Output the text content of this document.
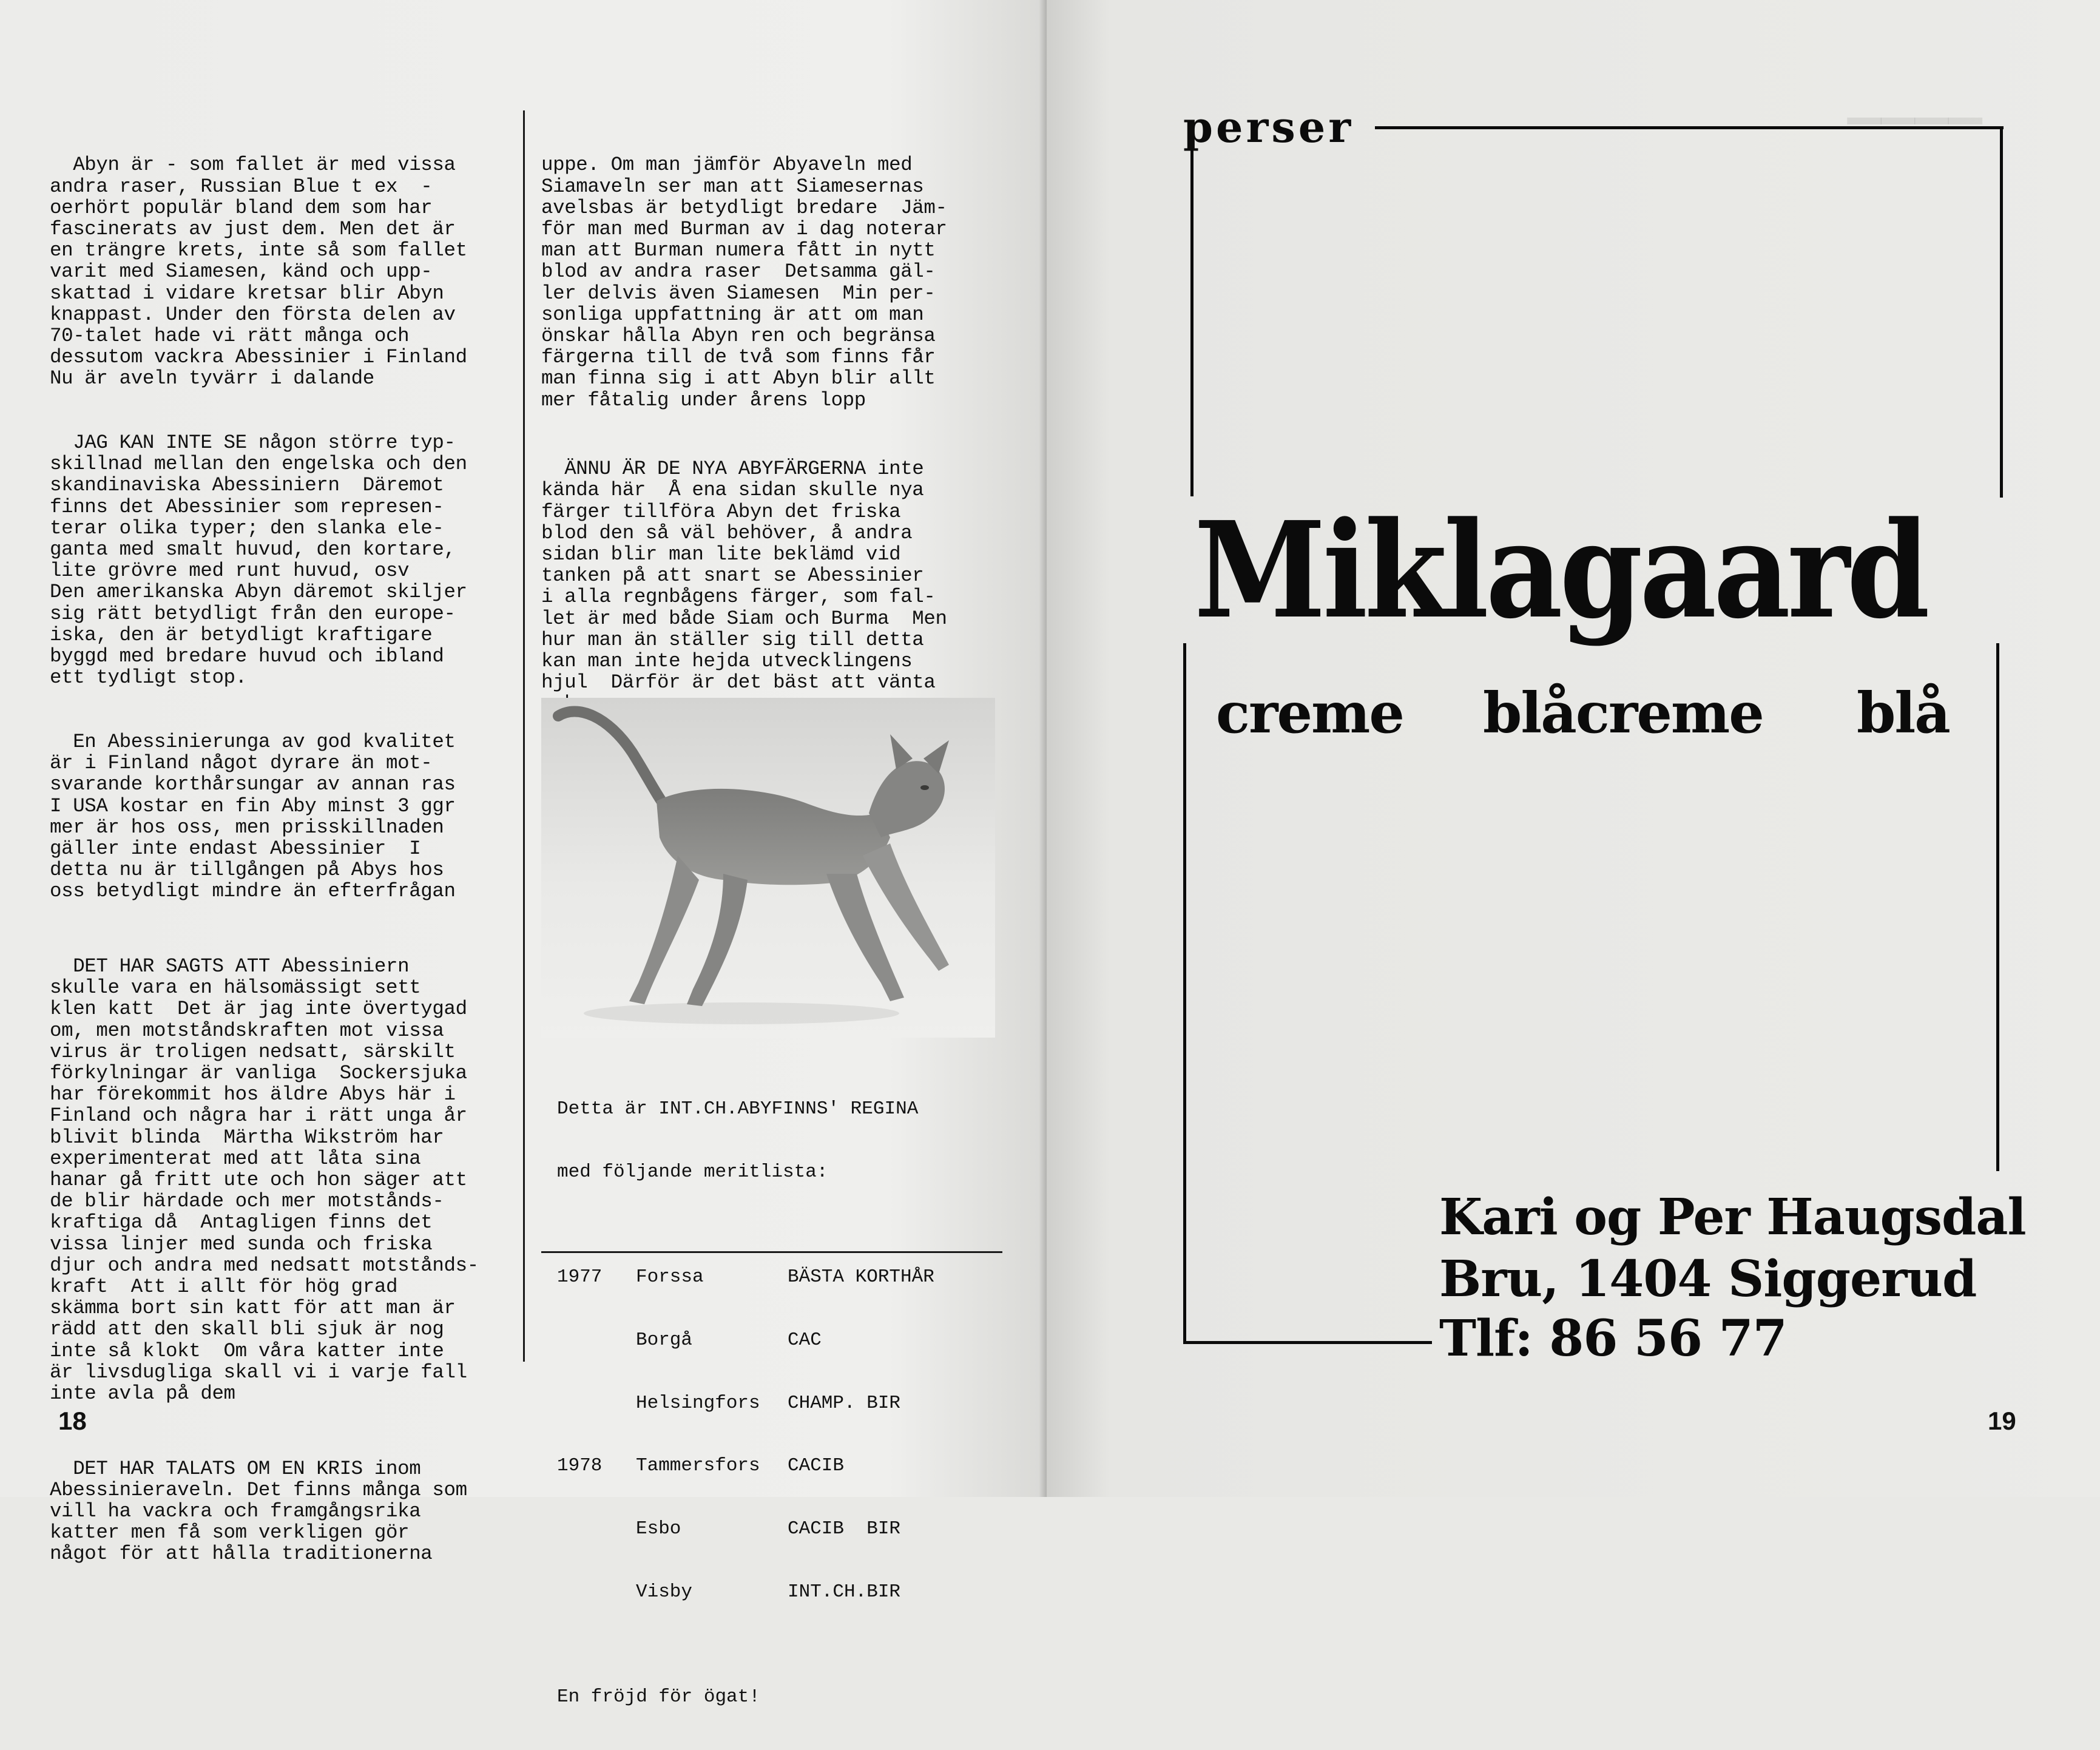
Abyn är - som fallet är med vissa
andra raser, Russian Blue t ex  -
oerhört populär bland dem som har
fascinerats av just dem. Men det är
en trängre krets, inte så som fallet
varit med Siamesen, känd och upp-
skattad i vidare kretsar blir Abyn
knappast. Under den första delen av
70-talet hade vi rätt många och
dessutom vackra Abessinier i Finland
Nu är aveln tyvärr i dalande

JAG KAN INTE SE någon större typ-
skillnad mellan den engelska och den
skandinaviska Abessiniern  Däremot
finns det Abessinier som represen-
terar olika typer; den slanka ele-
ganta med smalt huvud, den kortare,
lite grövre med runt huvud, osv
Den amerikanska Abyn däremot skiljer
sig rätt betydligt från den europe-
iska, den är betydligt kraftigare
byggd med bredare huvud och ibland
ett tydligt stop.

En Abessinierunga av god kvalitet
är i Finland något dyrare än mot-
svarande korthårsungar av annan ras
I USA kostar en fin Aby minst 3 ggr
mer är hos oss, men prisskillnaden
gäller inte endast Abessinier  I
detta nu är tillgången på Abys hos
oss betydligt mindre än efterfrågan

DET HAR SAGTS ATT Abessiniern
skulle vara en hälsomässigt sett
klen katt  Det är jag inte övertygad
om, men motståndskraften mot vissa
virus är troligen nedsatt, särskilt
förkylningar är vanliga  Sockersjuka
har förekommit hos äldre Abys här i
Finland och några har i rätt unga år
blivit blinda  Märtha Wikström har
experimenterat med att låta sina
hanar gå fritt ute och hon säger att
de blir härdade och mer motstånds-
kraftiga då  Antagligen finns det
vissa linjer med sunda och friska
djur och andra med nedsatt motstånds-
kraft  Att i allt för hög grad
skämma bort sin katt för att man är
rädd att den skall bli sjuk är nog
inte så klokt  Om våra katter inte
är livsdugliga skall vi i varje fall
inte avla på dem

DET HAR TALATS OM EN KRIS inom
Abessinieraveln. Det finns många som
vill ha vackra och framgångsrika
katter men få som verkligen gör
något för att hålla traditionerna

uppe. Om man jämför Abyaveln med
Siamaveln ser man att Siamesernas
avelsbas är betydligt bredare  Jäm-
för man med Burman av i dag noterar
man att Burman numera fått in nytt
blod av andra raser  Detsamma gäl-
ler delvis även Siamesen  Min per-
sonliga uppfattning är att om man
önskar hålla Abyn ren och begränsa
färgerna till de två som finns får
man finna sig i att Abyn blir allt
mer fåtalig under årens lopp

ÄNNU ÄR DE NYA ABYFÄRGERNA inte
kända här  Å ena sidan skulle nya
färger tillföra Abyn det friska
blod den så väl behöver, å andra
sidan blir man lite beklämd vid
tanken på att snart se Abessinier
i alla regnbågens färger, som fal-
let är med både Siam och Burma  Men
hur man än ställer sig till detta
kan man inte hejda utvecklingens
hjul  Därför är det bäst att vänta

Detta är INT.CH.ABYFINNS' REGINA

med följande meritlista:

1977 Forssa	BÄSTA KORTHÅR

Borgå	CAC

Helsingfors CHAMP. BIR

1978 Tammersfors CACIB

Esbo	CACIB  BIR

Visby	INT.CH.BIR

En fröjd för ögat!

18
▁▁▁▁
perser
Miklagaard
creme blåcreme blå
Kari og Per Haugsdal
Bru, 1404 Siggerud
Tlf: 86 56 77
19
